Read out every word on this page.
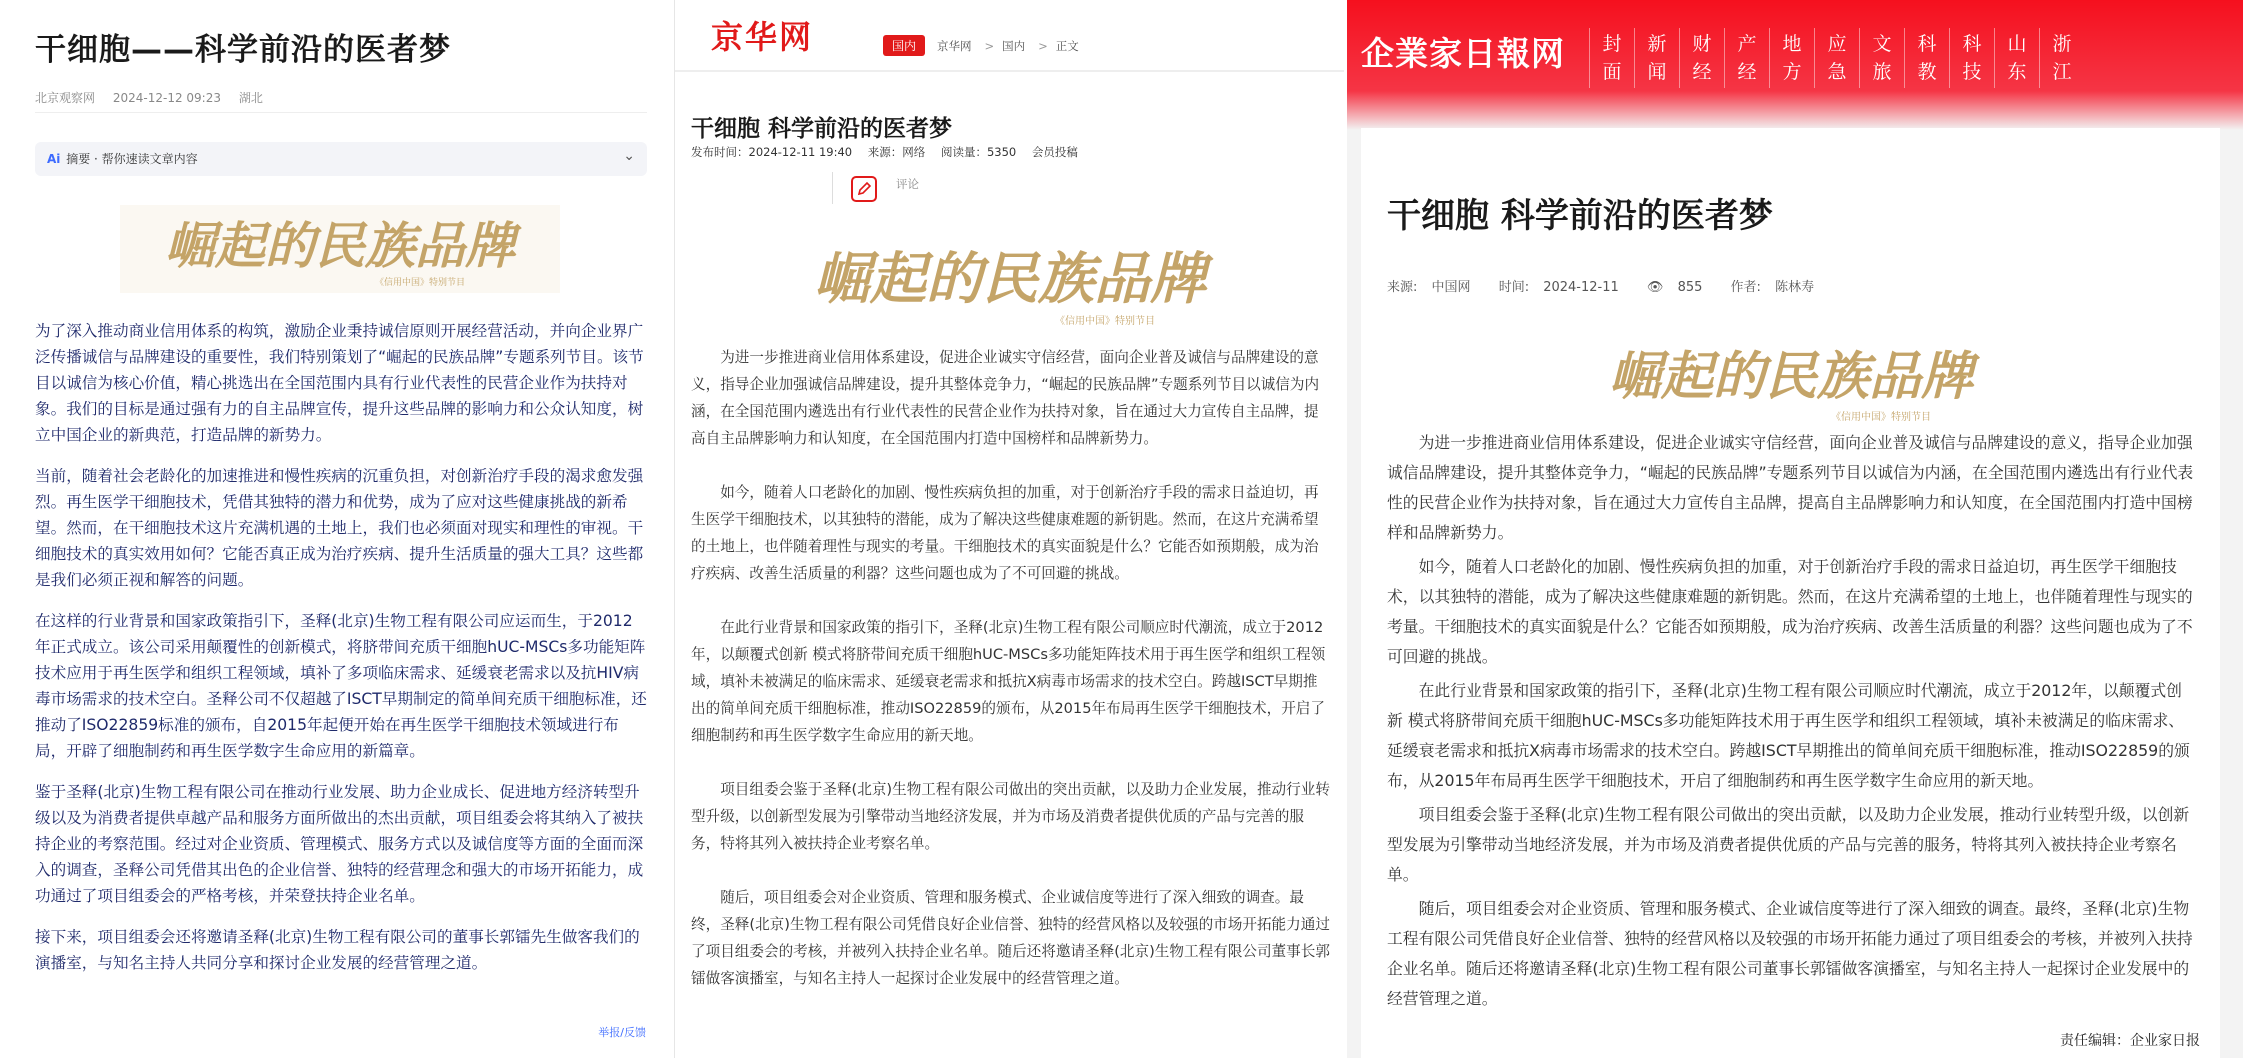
干细胞——科学前沿的医者梦
北京观察网 2024-12-12 09:23 湖北
Ai 摘要 · 帮你速读文章内容	⌄
崛起的民族品牌
《信用中国》特别节目

为了深入推动商业信用体系的构筑，激励企业秉持诚信原则开展经营活动，并向企业界广泛传播诚信与品牌建设的重要性，我们特别策划了“崛起的民族品牌”专题系列节目。该节目以诚信为核心价值，精心挑选出在全国范围内具有行业代表性的民营企业作为扶持对象。我们的目标是通过强有力的自主品牌宣传，提升这些品牌的影响力和公众认知度，树立中国企业的新典范，打造品牌的新势力。

当前，随着社会老龄化的加速推进和慢性疾病的沉重负担，对创新治疗手段的渴求愈发强烈。再生医学干细胞技术，凭借其独特的潜力和优势，成为了应对这些健康挑战的新希望。然而，在干细胞技术这片充满机遇的土地上，我们也必须面对现实和理性的审视。干细胞技术的真实效用如何？它能否真正成为治疗疾病、提升生活质量的强大工具？这些都是我们必须正视和解答的问题。

在这样的行业背景和国家政策指引下，圣释(北京)生物工程有限公司应运而生，于2012年正式成立。该公司采用颠覆性的创新模式，将脐带间充质干细胞hUC-MSCs多功能矩阵技术应用于再生医学和组织工程领域，填补了多项临床需求、延缓衰老需求以及抗HIV病毒市场需求的技术空白。圣释公司不仅超越了ISCT早期制定的简单间充质干细胞标准，还推动了ISO22859标准的颁布，自2015年起便开始在再生医学干细胞技术领域进行布局，开辟了细胞制药和再生医学数字生命应用的新篇章。

鉴于圣释(北京)生物工程有限公司在推动行业发展、助力企业成长、促进地方经济转型升级以及为消费者提供卓越产品和服务方面所做出的杰出贡献，项目组委会将其纳入了被扶持企业的考察范围。经过对企业资质、管理模式、服务方式以及诚信度等方面的全面而深入的调查，圣释公司凭借其出色的企业信誉、独特的经营理念和强大的市场开拓能力，成功通过了项目组委会的严格考核，并荣登扶持企业名单。

接下来，项目组委会还将邀请圣释(北京)生物工程有限公司的董事长郭镭先生做客我们的演播室，与知名主持人共同分享和探讨企业发展的经营管理之道。

举报/反馈
京华网	国内	京华网 > 国内 > 正文
干细胞 科学前沿的医者梦
发布时间：2024-12-11 19:40 来源：网络 阅读量：5350 会员投稿
评论
崛起的民族品牌
《信用中国》特别节目

为进一步推进商业信用体系建设，促进企业诚实守信经营，面向企业普及诚信与品牌建设的意义，指导企业加强诚信品牌建设，提升其整体竞争力，“崛起的民族品牌”专题系列节目以诚信为内涵，在全国范围内遴选出有行业代表性的民营企业作为扶持对象，旨在通过大力宣传自主品牌，提高自主品牌影响力和认知度，在全国范围内打造中国榜样和品牌新势力。

如今，随着人口老龄化的加剧、慢性疾病负担的加重，对于创新治疗手段的需求日益迫切，再生医学干细胞技术，以其独特的潜能，成为了解决这些健康难题的新钥匙。然而，在这片充满希望的土地上，也伴随着理性与现实的考量。干细胞技术的真实面貌是什么？它能否如预期般，成为治疗疾病、改善生活质量的利器？这些问题也成为了不可回避的挑战。

在此行业背景和国家政策的指引下，圣释(北京)生物工程有限公司顺应时代潮流，成立于2012年，以颠覆式创新 模式将脐带间充质干细胞hUC-MSCs多功能矩阵技术用于再生医学和组织工程领域，填补未被满足的临床需求、延缓衰老需求和抵抗X病毒市场需求的技术空白。跨越ISCT早期推出的简单间充质干细胞标准，推动ISO22859的颁布，从2015年布局再生医学干细胞技术，开启了细胞制药和再生医学数字生命应用的新天地。

项目组委会鉴于圣释(北京)生物工程有限公司做出的突出贡献，以及助力企业发展，推动行业转型升级，以创新型发展为引擎带动当地经济发展，并为市场及消费者提供优质的产品与完善的服务，特将其列入被扶持企业考察名单。

随后，项目组委会对企业资质、管理和服务模式、企业诚信度等进行了深入细致的调查。最终，圣释(北京)生物工程有限公司凭借良好企业信誉、独特的经营风格以及较强的市场开拓能力通过了项目组委会的考核，并被列入扶持企业名单。随后还将邀请圣释(北京)生物工程有限公司董事长郭镭做客演播室，与知名主持人一起探讨企业发展中的经营管理之道。

企業家日報网	封
面
新
闻
财
经
产
经
地
方
应
急
文
旅
科
教
科
技
山
东
浙
江
干细胞 科学前沿的医者梦
来源: 中国网 时间: 2024-12-11 👁 855 作者: 陈林寿
崛起的民族品牌
《信用中国》特别节目

为进一步推进商业信用体系建设，促进企业诚实守信经营，面向企业普及诚信与品牌建设的意义，指导企业加强诚信品牌建设，提升其整体竞争力，“崛起的民族品牌”专题系列节目以诚信为内涵，在全国范围内遴选出有行业代表性的民营企业作为扶持对象，旨在通过大力宣传自主品牌，提高自主品牌影响力和认知度，在全国范围内打造中国榜样和品牌新势力。

如今，随着人口老龄化的加剧、慢性疾病负担的加重，对于创新治疗手段的需求日益迫切，再生医学干细胞技术，以其独特的潜能，成为了解决这些健康难题的新钥匙。然而，在这片充满希望的土地上，也伴随着理性与现实的考量。干细胞技术的真实面貌是什么？它能否如预期般，成为治疗疾病、改善生活质量的利器？这些问题也成为了不可回避的挑战。

在此行业背景和国家政策的指引下，圣释(北京)生物工程有限公司顺应时代潮流，成立于2012年，以颠覆式创新 模式将脐带间充质干细胞hUC-MSCs多功能矩阵技术用于再生医学和组织工程领域，填补未被满足的临床需求、延缓衰老需求和抵抗X病毒市场需求的技术空白。跨越ISCT早期推出的简单间充质干细胞标准，推动ISO22859的颁布，从2015年布局再生医学干细胞技术，开启了细胞制药和再生医学数字生命应用的新天地。

项目组委会鉴于圣释(北京)生物工程有限公司做出的突出贡献，以及助力企业发展，推动行业转型升级，以创新型发展为引擎带动当地经济发展，并为市场及消费者提供优质的产品与完善的服务，特将其列入被扶持企业考察名单。

随后，项目组委会对企业资质、管理和服务模式、企业诚信度等进行了深入细致的调查。最终，圣释(北京)生物工程有限公司凭借良好企业信誉、独特的经营风格以及较强的市场开拓能力通过了项目组委会的考核，并被列入扶持企业名单。随后还将邀请圣释(北京)生物工程有限公司董事长郭镭做客演播室，与知名主持人一起探讨企业发展中的经营管理之道。

责任编辑：企业家日报
